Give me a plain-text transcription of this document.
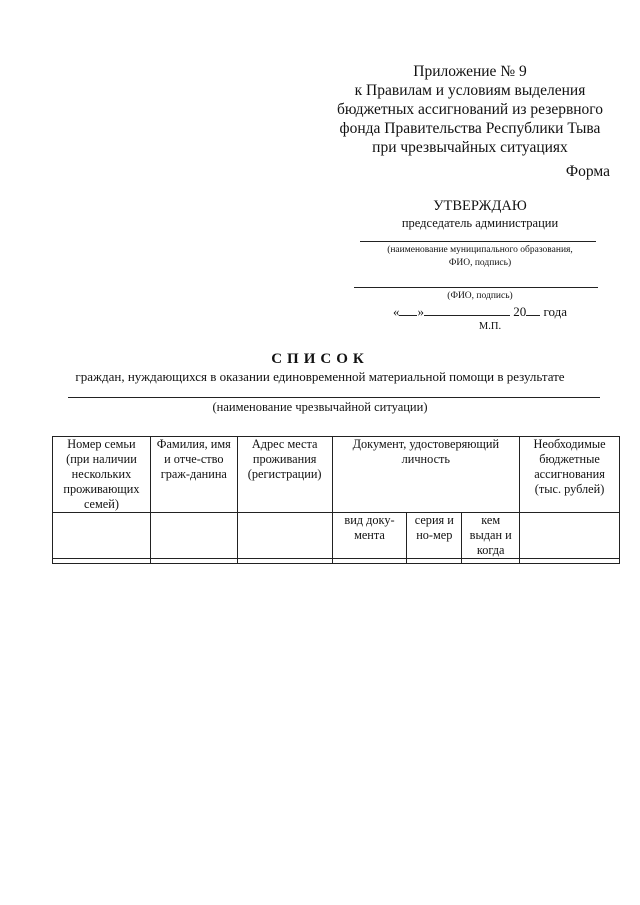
Приложение № 9
к Правилам и условиям выделения
бюджетных ассигнований из резервного
фонда Правительства Республики Тыва
при чрезвычайных ситуациях
Форма
УТВЕРЖДАЮ
председатель администрации
(наименование муниципального образования,
ФИО, подпись)
(ФИО, подпись)
« »	20 года
М.П.
СПИСОК
граждан, нуждающихся в оказании единовременной материальной помощи в результате
(наименование чрезвычайной ситуации)
Номер семьи (при наличии нескольких проживающих семей)	Фамилия, имя и отче-ство граж-данина	Адрес места проживания (регистрации)	Документ, удостоверяющий личность			Необходимые бюджетные ассигнования (тыс. рублей)

			вид доку-мента	серия и но-мер	кем выдан и когда	
